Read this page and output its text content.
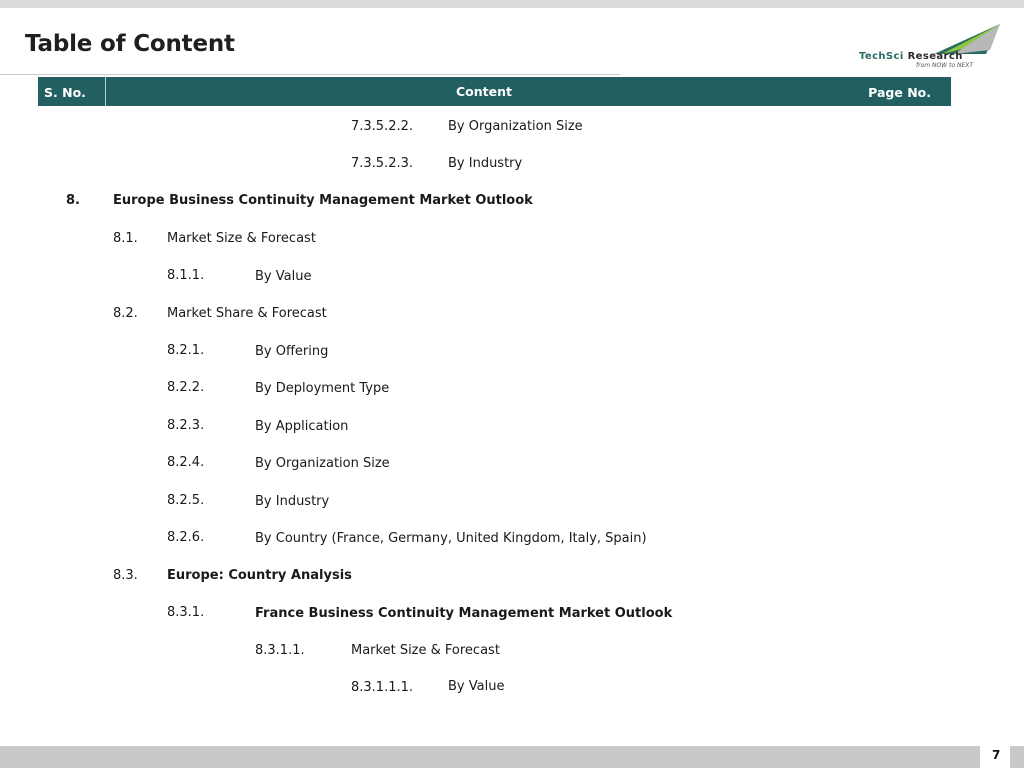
Table of Content	TechSci Research
from NOW to NEXT
S. No.	Content	Page No.
7.3.5.2.2.	By Organization Size
7.3.5.2.3.	By Industry
8.	Europe Business Continuity Management Market Outlook
8.1. Market Size & Forecast
8.1.1.	By Value
8.2. Market Share & Forecast
8.2.1.	By Offering
8.2.2.	By Deployment Type
8.2.3.	By Application
8.2.4.	By Organization Size
8.2.5.	By Industry
8.2.6.	By Country (France, Germany, United Kingdom, Italy, Spain)
8.3. Europe: Country Analysis
8.3.1.	France Business Continuity Management Market Outlook
8.3.1.1.	Market Size & Forecast
8.3.1.1.1.	By Value
7
